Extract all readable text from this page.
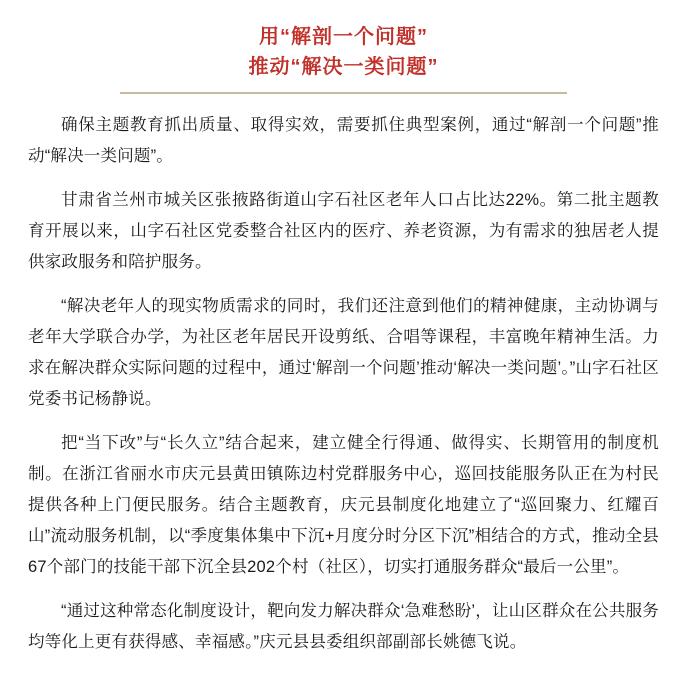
用“解剖一个问题”
推动“解决一类问题”

确保主题教育抓出质量、取得实效，需要抓住典型案例，通过“解剖一个问题”推动“解决一类问题”。

甘肃省兰州市城关区张掖路街道山字石社区老年人口占比达22%。第二批主题教育开展以来，山字石社区党委整合社区内的医疗、养老资源，为有需求的独居老人提供家政服务和陪护服务。

“解决老年人的现实物质需求的同时，我们还注意到他们的精神健康，主动协调与老年大学联合办学，为社区老年居民开设剪纸、合唱等课程，丰富晚年精神生活。力求在解决群众实际问题的过程中，通过‘解剖一个问题’推动‘解决一类问题’。”山字石社区党委书记杨静说。

把“当下改”与“长久立”结合起来，建立健全行得通、做得实、长期管用的制度机制。在浙江省丽水市庆元县黄田镇陈边村党群服务中心，巡回技能服务队正在为村民提供各种上门便民服务。结合主题教育，庆元县制度化地建立了“巡回聚力、红耀百山”流动服务机制，以“季度集体集中下沉+月度分时分区下沉”相结合的方式，推动全县67个部门的技能干部下沉全县202个村（社区），切实打通服务群众“最后一公里”。

“通过这种常态化制度设计，靶向发力解决群众‘急难愁盼’，让山区群众在公共服务均等化上更有获得感、幸福感。”庆元县县委组织部副部长姚德飞说。
